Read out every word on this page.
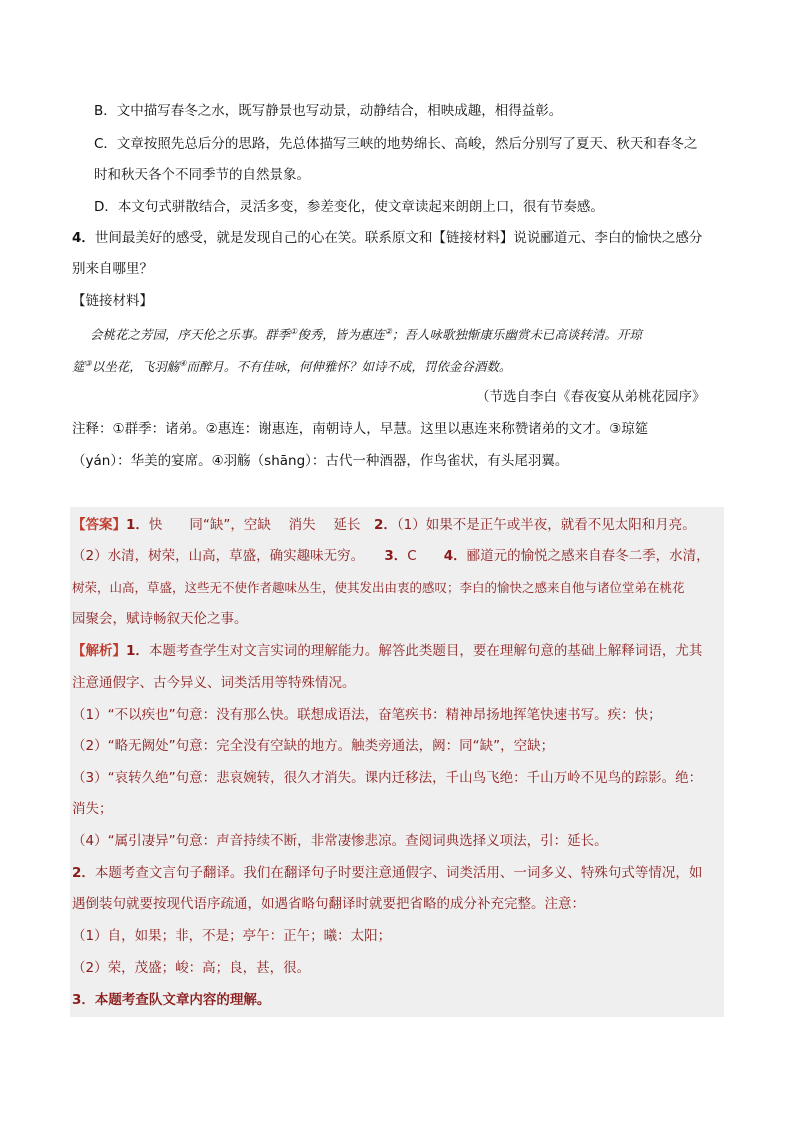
B．文中描写春冬之水，既写静景也写动景，动静结合，相映成趣，相得益彰。
C．文章按照先总后分的思路，先总体描写三峡的地势绵长、高峻，然后分别写了夏天、秋天和春冬之
时和秋天各个不同季节的自然景象。
D．本文句式骈散结合，灵活多变，参差变化，使文章读起来朗朗上口，很有节奏感。
4．世间最美好的感受，就是发现自己的心在笑。联系原文和【链接材料】说说郦道元、李白的愉快之感分
别来自哪里？
【链接材料】
会桃花之芳园，序天伦之乐事。群季①俊秀，皆为惠连②；吾人咏歌独惭康乐幽赏未已高谈转清。开琼
筵③以坐花，飞羽觞④而醉月。不有佳咏，何伸雅怀？如诗不成，罚依金谷酒数。
（节选自李白《春夜宴从弟桃花园序》
注释：①群季：诸弟。②惠连：谢惠连，南朝诗人，早慧。这里以惠连来称赞诸弟的文才。③琼筵
（yán）：华美的宴席。④羽觞（shāng）：古代一种酒器，作鸟雀状，有头尾羽翼。
【答案】1．快　　同“缺”，空缺　 消失　 延长　2．（1）如果不是正午或半夜，就看不见太阳和月亮。
（2）水清，树荣，山高，草盛，确实趣味无穷。　　3．C　　4．郦道元的愉悦之感来自春冬二季，水清，
树荣，山高，草盛，这些无不使作者趣味丛生，使其发出由衷的感叹；李白的愉快之感来自他与诸位堂弟在桃花
园聚会，赋诗畅叙天伦之事。
【解析】1．本题考查学生对文言实词的理解能力。解答此类题目，要在理解句意的基础上解释词语，尤其
注意通假字、古今异义、词类活用等特殊情况。
（1）“不以疾也”句意：没有那么快。联想成语法，奋笔疾书：精神昂扬地挥笔快速书写。疾：快；
（2）“略无阙处”句意：完全没有空缺的地方。触类旁通法，阙：同“缺”，空缺；
（3）“哀转久绝”句意：悲哀婉转，很久才消失。课内迁移法，千山鸟飞绝：千山万岭不见鸟的踪影。绝：
消失；
（4）“属引凄异”句意：声音持续不断，非常凄惨悲凉。查阅词典选择义项法，引：延长。
2．本题考查文言句子翻译。我们在翻译句子时要注意通假字、词类活用、一词多义、特殊句式等情况，如
遇倒装句就要按现代语序疏通，如遇省略句翻译时就要把省略的成分补充完整。注意：
（1）自，如果；非，不是；亭午：正午；曦：太阳；
（2）荣，茂盛；峻：高；良，甚，很。
3．本题考查队文章内容的理解。
